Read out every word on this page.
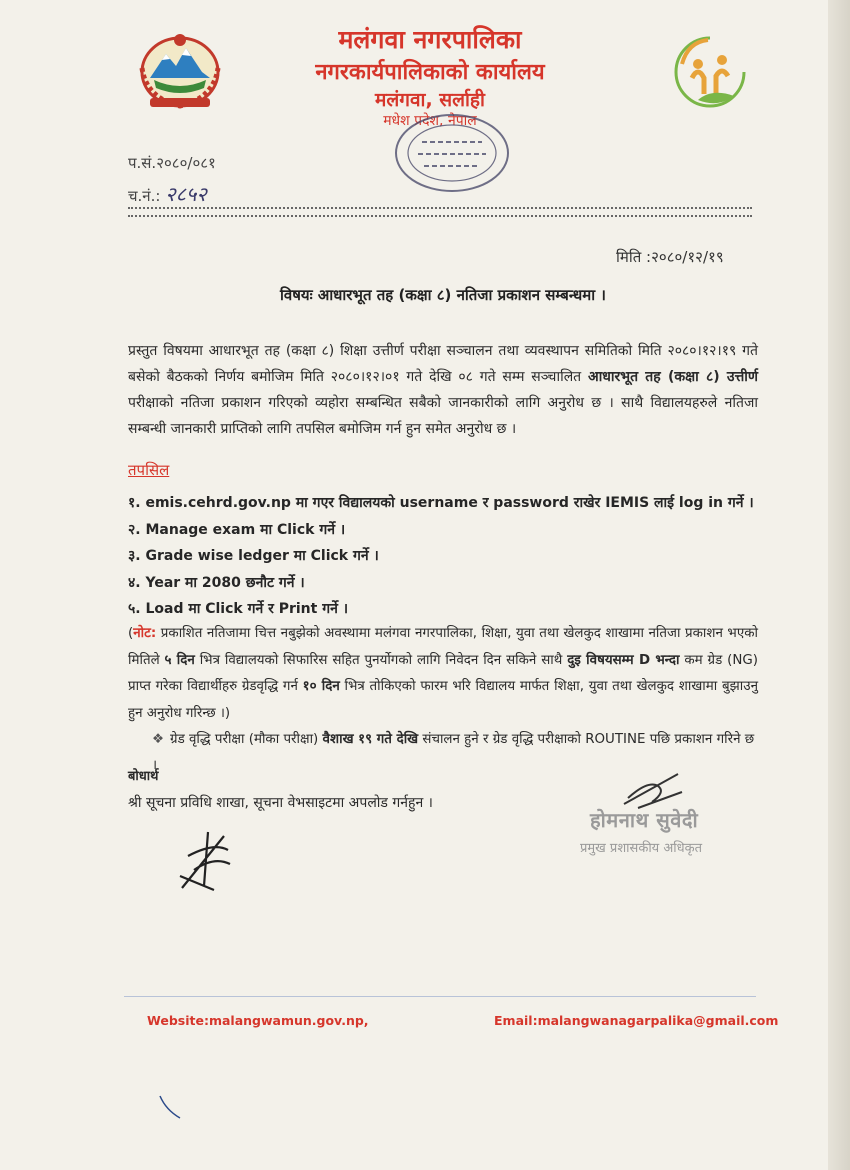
मलंगवा नगरपालिका
नगरकार्यपालिकाको कार्यालय
मलंगवा, सर्लाही
मधेश प्रदेश, नेपाल
प.सं.२०८०/०८१
च.नं.: २८५२
मिति :२०८०/१२/१९
विषयः आधारभूत तह (कक्षा ८) नतिजा प्रकाशन सम्बन्धमा ।

प्रस्तुत विषयमा आधारभूत तह (कक्षा ८) शिक्षा उत्तीर्ण परीक्षा सञ्चालन तथा व्यवस्थापन समितिको मिति २०८०।१२।१९ गते बसेको बैठकको निर्णय बमोजिम मिति २०८०।१२।०१ गते देखि ०८ गते सम्म सञ्चालित आधारभूत तह (कक्षा ८) उत्तीर्ण परीक्षाको नतिजा प्रकाशन गरिएको व्यहोरा सम्बन्धित सबैको जानकारीको लागि अनुरोध छ । साथै विद्यालयहरुले नतिजा सम्बन्धी जानकारी प्राप्तिको लागि तपसिल बमोजिम गर्न हुन समेत अनुरोध छ ।

तपसिल
१. emis.cehrd.gov.np मा गएर विद्यालयको username र password राखेर IEMIS लाई log in गर्ने ।
२. Manage exam मा Click गर्ने ।
३. Grade wise ledger मा Click गर्ने ।
४. Year मा 2080 छनौट गर्ने ।
५. Load मा Click गर्ने र Print गर्ने ।

(नोट: प्रकाशित नतिजामा चित्त नबुझेको अवस्थामा मलंगवा नगरपालिका, शिक्षा, युवा तथा खेलकुद शाखामा नतिजा प्रकाशन भएको मितिले ५ दिन भित्र विद्यालयको सिफारिस सहित पुनर्योगको लागि निवेदन दिन सकिने साथै दुइ विषयसम्म D भन्दा कम ग्रेड (NG) प्राप्त गरेका विद्यार्थीहरु ग्रेडवृद्धि गर्न १० दिन भित्र तोकिएको फारम भरि विद्यालय मार्फत शिक्षा, युवा तथा खेलकुद शाखामा बुझाउनु हुन अनुरोध गरिन्छ ।)

❖ ग्रेड वृद्धि परीक्षा (मौका परीक्षा) वैशाख १९ गते देखि संचालन हुने र ग्रेड वृद्धि परीक्षाको ROUTINE पछि प्रकाशन गरिने छ ।

बोधार्थ
श्री सूचना प्रविधि शाखा, सूचना वेभसाइटमा अपलोड गर्नहुन ।
होमनाथ सुवेदी
प्रमुख प्रशासकीय अधिकृत
Website:malangwamun.gov.np,	Email:malangwanagarpalika@gmail.com
